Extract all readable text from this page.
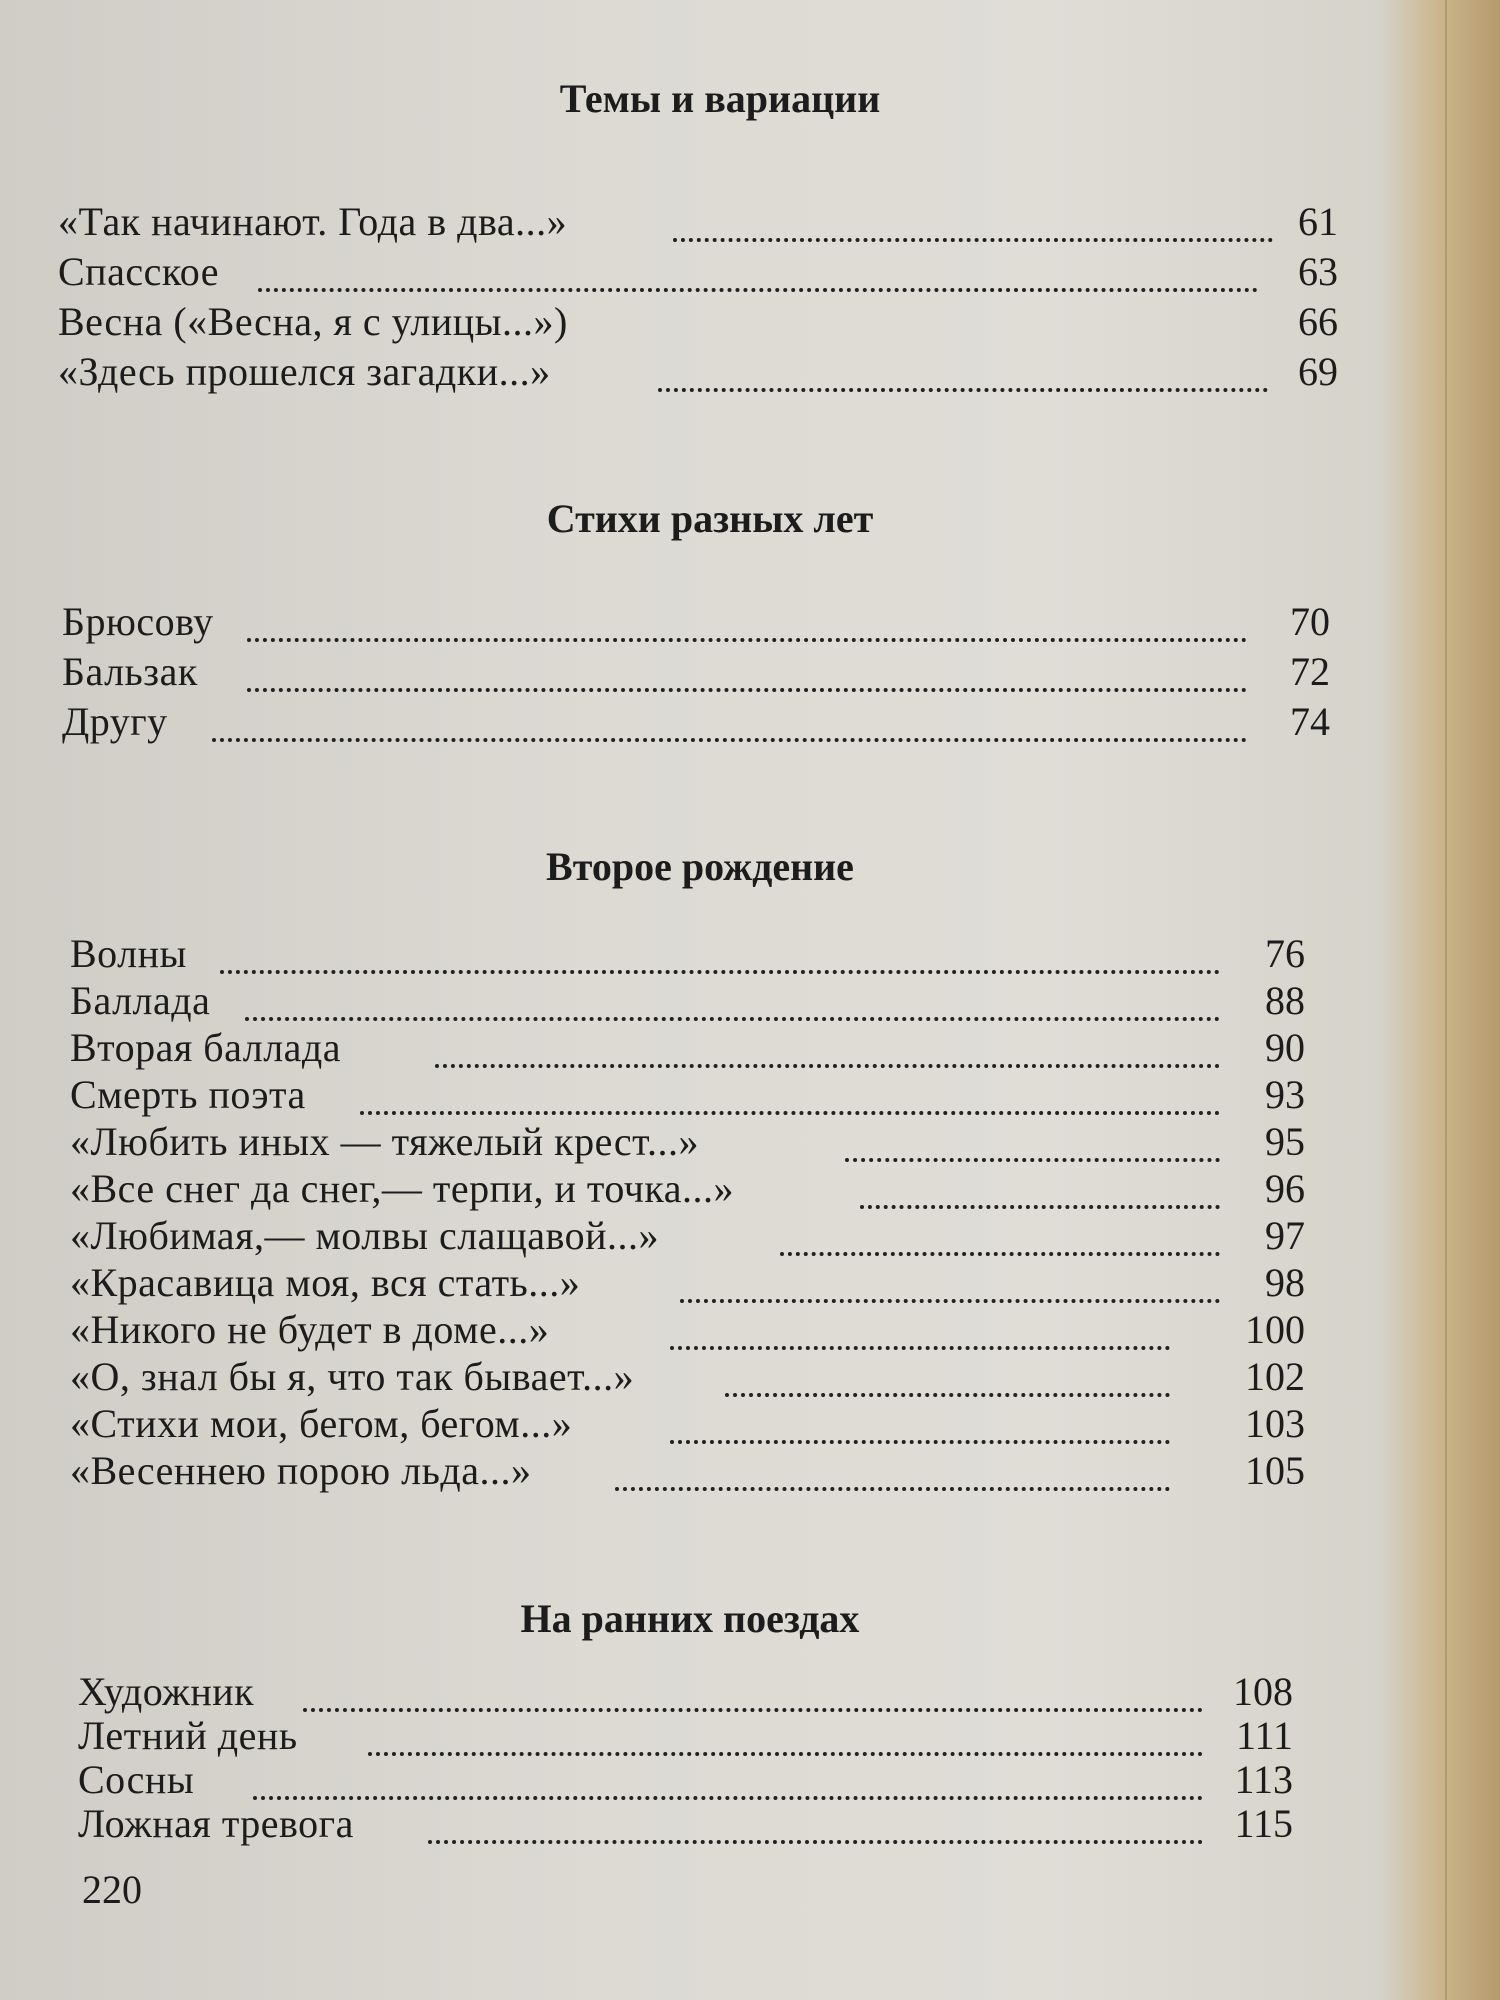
Темы и вариации
«Так начинают. Года в два...»	61
Спасское	63
Весна («Весна, я с улицы...»)	66
«Здесь прошелся загадки...»	69
Стихи разных лет
Брюсову	70
Бальзак	72
Другу	74
Второе рождение
Волны	76
Баллада	88
Вторая баллада	90
Смерть поэта	93
«Любить иных — тяжелый крест...»	95
«Все снег да снег,— терпи, и точка...»	96
«Любимая,— молвы слащавой...»	97
«Красавица моя, вся стать...»	98
«Никого не будет в доме...»	100
«О, знал бы я, что так бывает...»	102
«Стихи мои, бегом, бегом...»	103
«Весеннею порою льда...»	105
На ранних поездах
Художник	108
Летний день	111
Сосны	113
Ложная тревога	115
220
